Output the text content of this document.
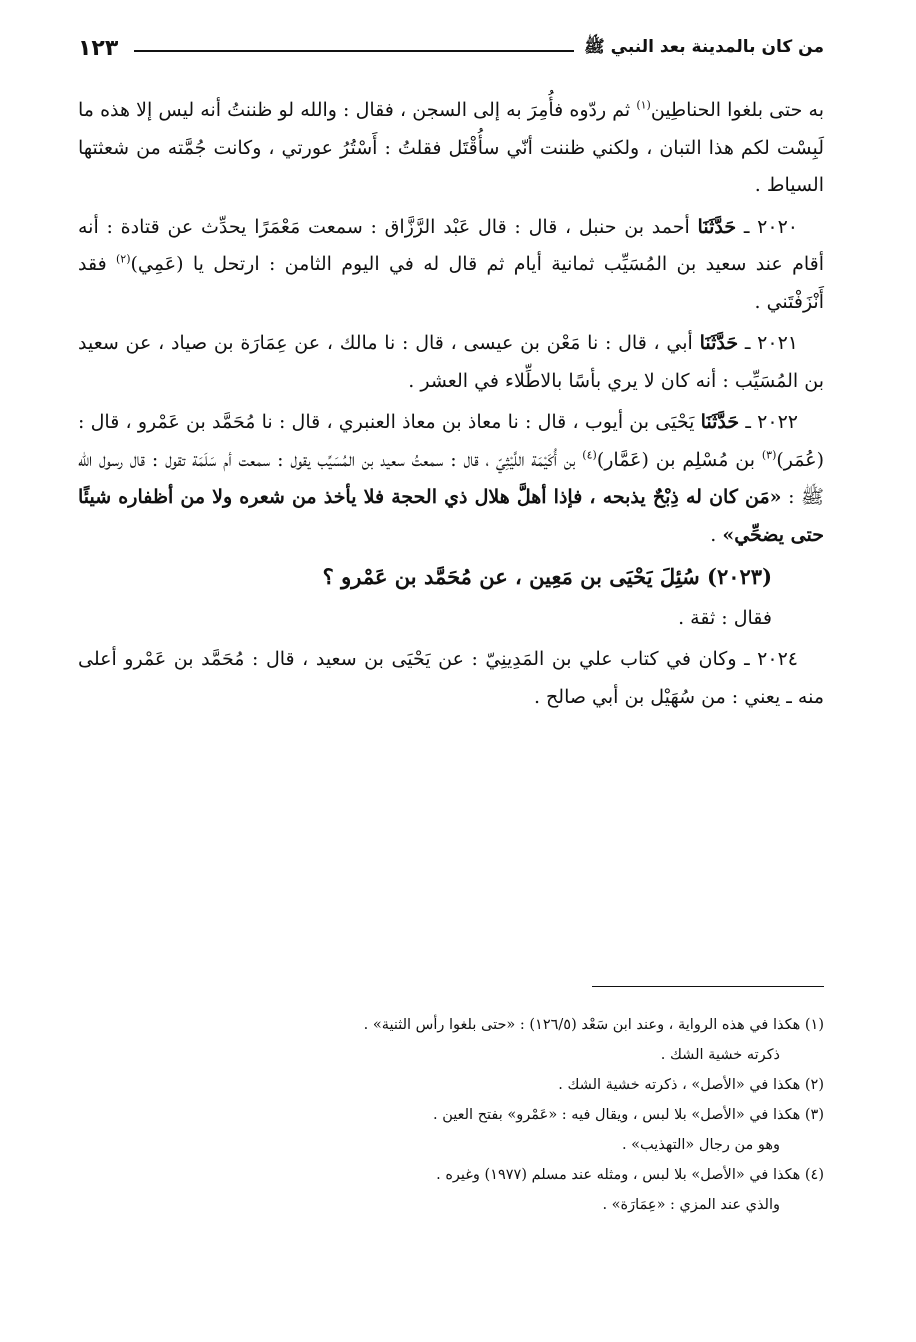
من كان بالمدينة بعد النبي ﷺ
١٢٣

به حتى بلغوا الحناطِين$^{(١)}$ ثم ردّوه فأُمِرَ به إلى السجن ، فقال : والله لو ظننتُ أنه ليس إلا هذه ما لَبِسْت لكم هذا التبان ، ولكني ظننت أنّي سأُقْتَل فقلتُ : أَسْتُرُ عورتي ، وكانت جُمَّته من شعثتها السياط .

٢٠٢٠ ـ حَدَّثَنَا أحمد بن حنبل ، قال : قال عَبْد الرَّزَّاق : سمعت مَعْمَرًا يحدِّث عن قتادة : أنه أقام عند سعيد بن المُسَيِّب ثمانية أيام ثم قال له في اليوم الثامن : ارتحل يا (عَمِي)$^{(٢)}$ فقد أَنْزَفْتَني .

٢٠٢١ ـ حَدَّثَنَا أبي ، قال : نا مَعْن بن عيسى ، قال : نا مالك ، عن عِمَارَة بن صياد ، عن سعيد بن المُسَيِّب : أنه كان لا يري بأسًا بالاطِّلاء في العشر .

٢٠٢٢ ـ حَدَّثَنَا يَحْيَى بن أيوب ، قال : نا معاذ بن معاذ العنبري ، قال : نا مُحَمَّد بن عَمْرو ، قال : (عُمَر)$^{(٣)}$ بن مُسْلِم بن (عَمَّار)$^{(٤)}$ بن أُكَيْمَة اللَّيْثِيّ ، قال : سمعتُ سعيد بن المُسَيِّب يقول : سمعت أم سَلَمَة تقول : قال رسول الله ﷺ : «مَن كان له ذِبْحٌ يذبحه ، فإذا أهلَّ هلال ذي الحجة فلا يأخذ من شعره ولا من أظفاره شيئًا حتى يضحِّي» .

(٢٠٢٣) سُئِلَ يَحْيَى بن مَعِين ، عن مُحَمَّد بن عَمْرو ؟

فقال : ثقة .

٢٠٢٤ ـ وكان في كتاب علي بن المَدِينِيّ : عن يَحْيَى بن سعيد ، قال : مُحَمَّد بن عَمْرو أعلى منه ـ يعني : من سُهَيْل بن أبي صالح .

(١) هكذا في هذه الرواية ، وعند ابن سَعْد (١٢٦/٥) : «حتى بلغوا رأس الثنية» .

ذكرته خشية الشك .

(٢) هكذا في «الأصل» ، ذكرته خشية الشك .

(٣) هكذا في «الأصل» بلا لبس ، ويقال فيه : «عَمْرو» بفتح العين .

وهو من رجال «التهذيب» .

(٤) هكذا في «الأصل» بلا لبس ، ومثله عند مسلم (١٩٧٧) وغيره .

والذي عند المزي : «عِمَارَة» .
